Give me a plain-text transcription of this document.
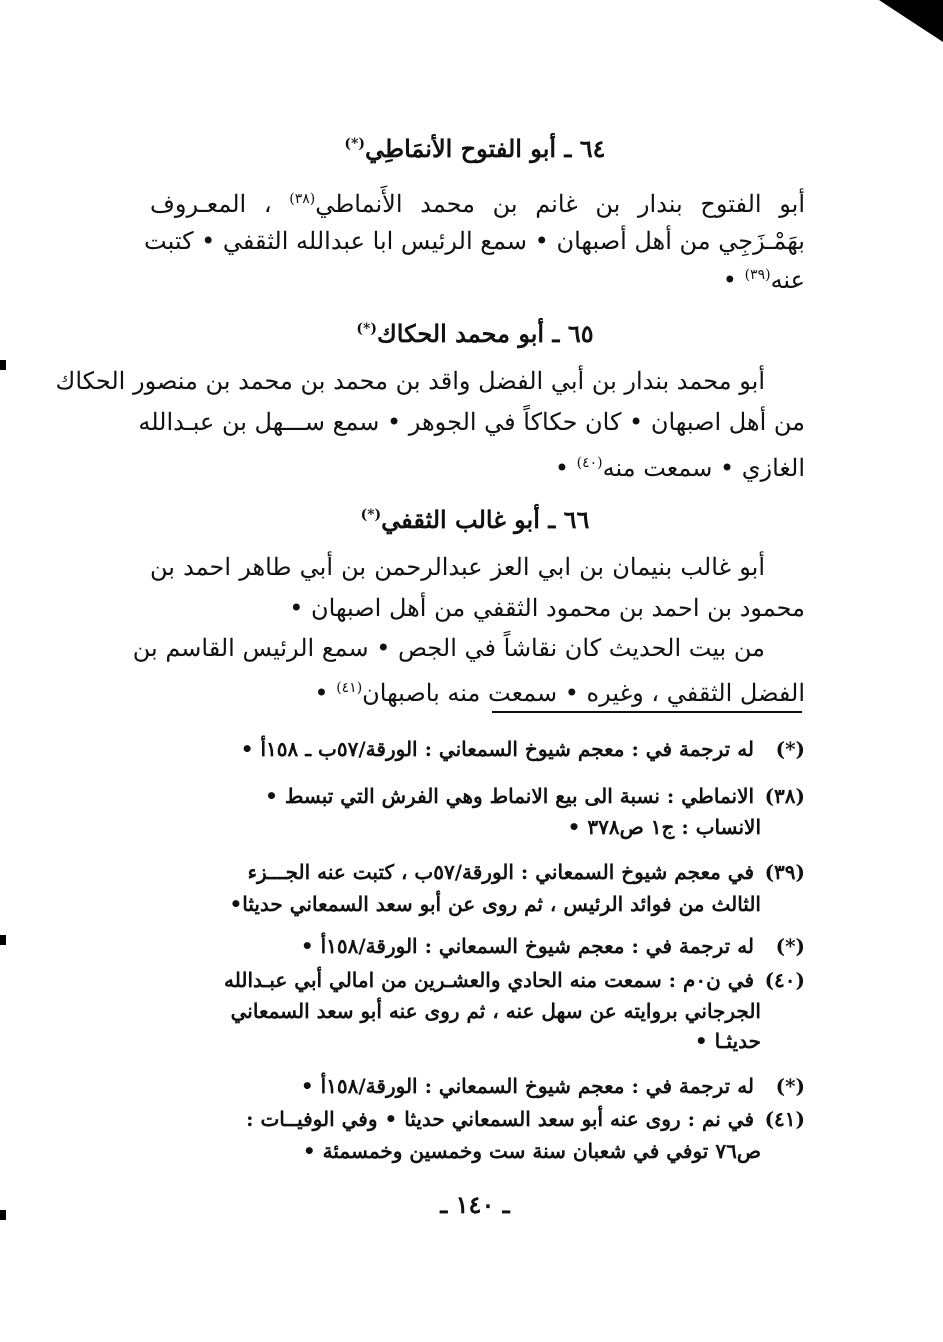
٦٤ ـ أبو الفتوح الأنمَاطِي(*)
أبو الفتوح بندار بن غانم بن محمد الأَنماطي$^{(٣٨)}$ ، المعـروف
بهَمْـزَجِي من أهل أصبهان • سمع الرئيس ابا عبدالله الثقفي • كتبت
عنه$^{(٣٩)}$ •
٦٥ ـ أبو محمد الحكاك(*)
أبو محمد بندار بن أبي الفضل واقد بن محمد بن محمد بن منصور الحكاك
من أهل اصبهان • كان حكاكاً في الجوهر • سمع ســـهل بن عبـدالله
الغازي • سمعت منه$^{(٤٠)}$ •
٦٦ ـ أبو غالب الثقفي(*)
أبو غالب بنيمان بن ابي العز عبدالرحمن بن أبي طاهر احمد بن
محمود بن احمد بن محمود الثقفي من أهل اصبهان •
من بيت الحديث كان نقاشاً في الجص • سمع الرئيس القاسم بن
الفضل الثقفي ، وغيره • سمعت منه باصبهان$^{(٤١)}$ •
(*) له ترجمة في : معجم شيوخ السمعاني : الورقة/٥٧ب ـ ١٥٨أ •
(٣٨) الانماطي : نسبة الى بيع الانماط وهي الفرش التي تبسط •
الانساب : ج١ ص٣٧٨ •
(٣٩) في معجم شيوخ السمعاني : الورقة/٥٧ب ، كتبت عنه الجـــزء
الثالث من فوائد الرئيس ، ثم روى عن أبو سعد السمعاني حديثا•
(*) له ترجمة في : معجم شيوخ السمعاني : الورقة/١٥٨أ •
(٤٠) في ن٠م : سمعت منه الحادي والعشـرين من امالي أبي عبـدالله
الجرجاني بروايته عن سهل عنه ، ثم روى عنه أبو سعد السمعاني
حديثـا •
(*) له ترجمة في : معجم شيوخ السمعاني : الورقة/١٥٨أ •
(٤١) في نم : روى عنه أبو سعد السمعاني حديثا • وفي الوفيــات :
ص٧٦ توفي في شعبان سنة ست وخمسين وخمسمئة •
ـ ١٤٠ ـ
